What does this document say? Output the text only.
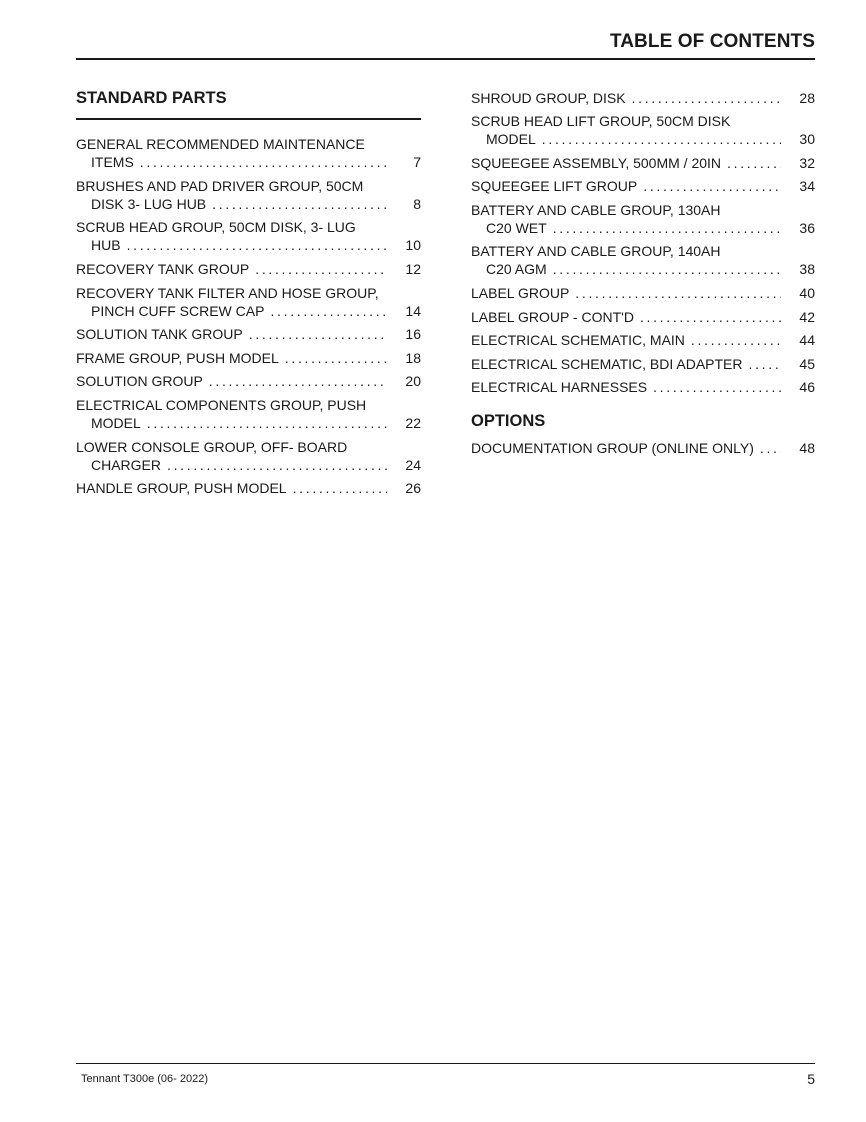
TABLE OF CONTENTS
STANDARD PARTS
GENERAL RECOMMENDED MAINTENANCE
ITEMS . . .	7
BRUSHES AND PAD DRIVER GROUP, 50CM
DISK 3- LUG HUB . . .	8
SCRUB HEAD GROUP, 50CM DISK, 3- LUG
HUB . . .	10
RECOVERY TANK GROUP . . .	12
RECOVERY TANK FILTER AND HOSE GROUP,
PINCH CUFF SCREW CAP . . .	14
SOLUTION TANK GROUP . . .	16
FRAME GROUP, PUSH MODEL . . .	18
SOLUTION GROUP . . .	20
ELECTRICAL COMPONENTS GROUP, PUSH
MODEL . . .	22
LOWER CONSOLE GROUP, OFF- BOARD
CHARGER . . .	24
HANDLE GROUP, PUSH MODEL . . .	26
SHROUD GROUP, DISK . . .	28
SCRUB HEAD LIFT GROUP, 50CM DISK
MODEL . . .	30
SQUEEGEE ASSEMBLY, 500MM / 20IN . . .	32
SQUEEGEE LIFT GROUP . . .	34
BATTERY AND CABLE GROUP, 130AH
C20 WET . . .	36
BATTERY AND CABLE GROUP, 140AH
C20 AGM . . .	38
LABEL GROUP . . .	40
LABEL GROUP - CONT'D . . .	42
ELECTRICAL SCHEMATIC, MAIN . . .	44
ELECTRICAL SCHEMATIC, BDI ADAPTER . . .	45
ELECTRICAL HARNESSES . . .	46
OPTIONS
DOCUMENTATION GROUP (ONLINE ONLY) . . .	48
Tennant T300e (06- 2022)	5
